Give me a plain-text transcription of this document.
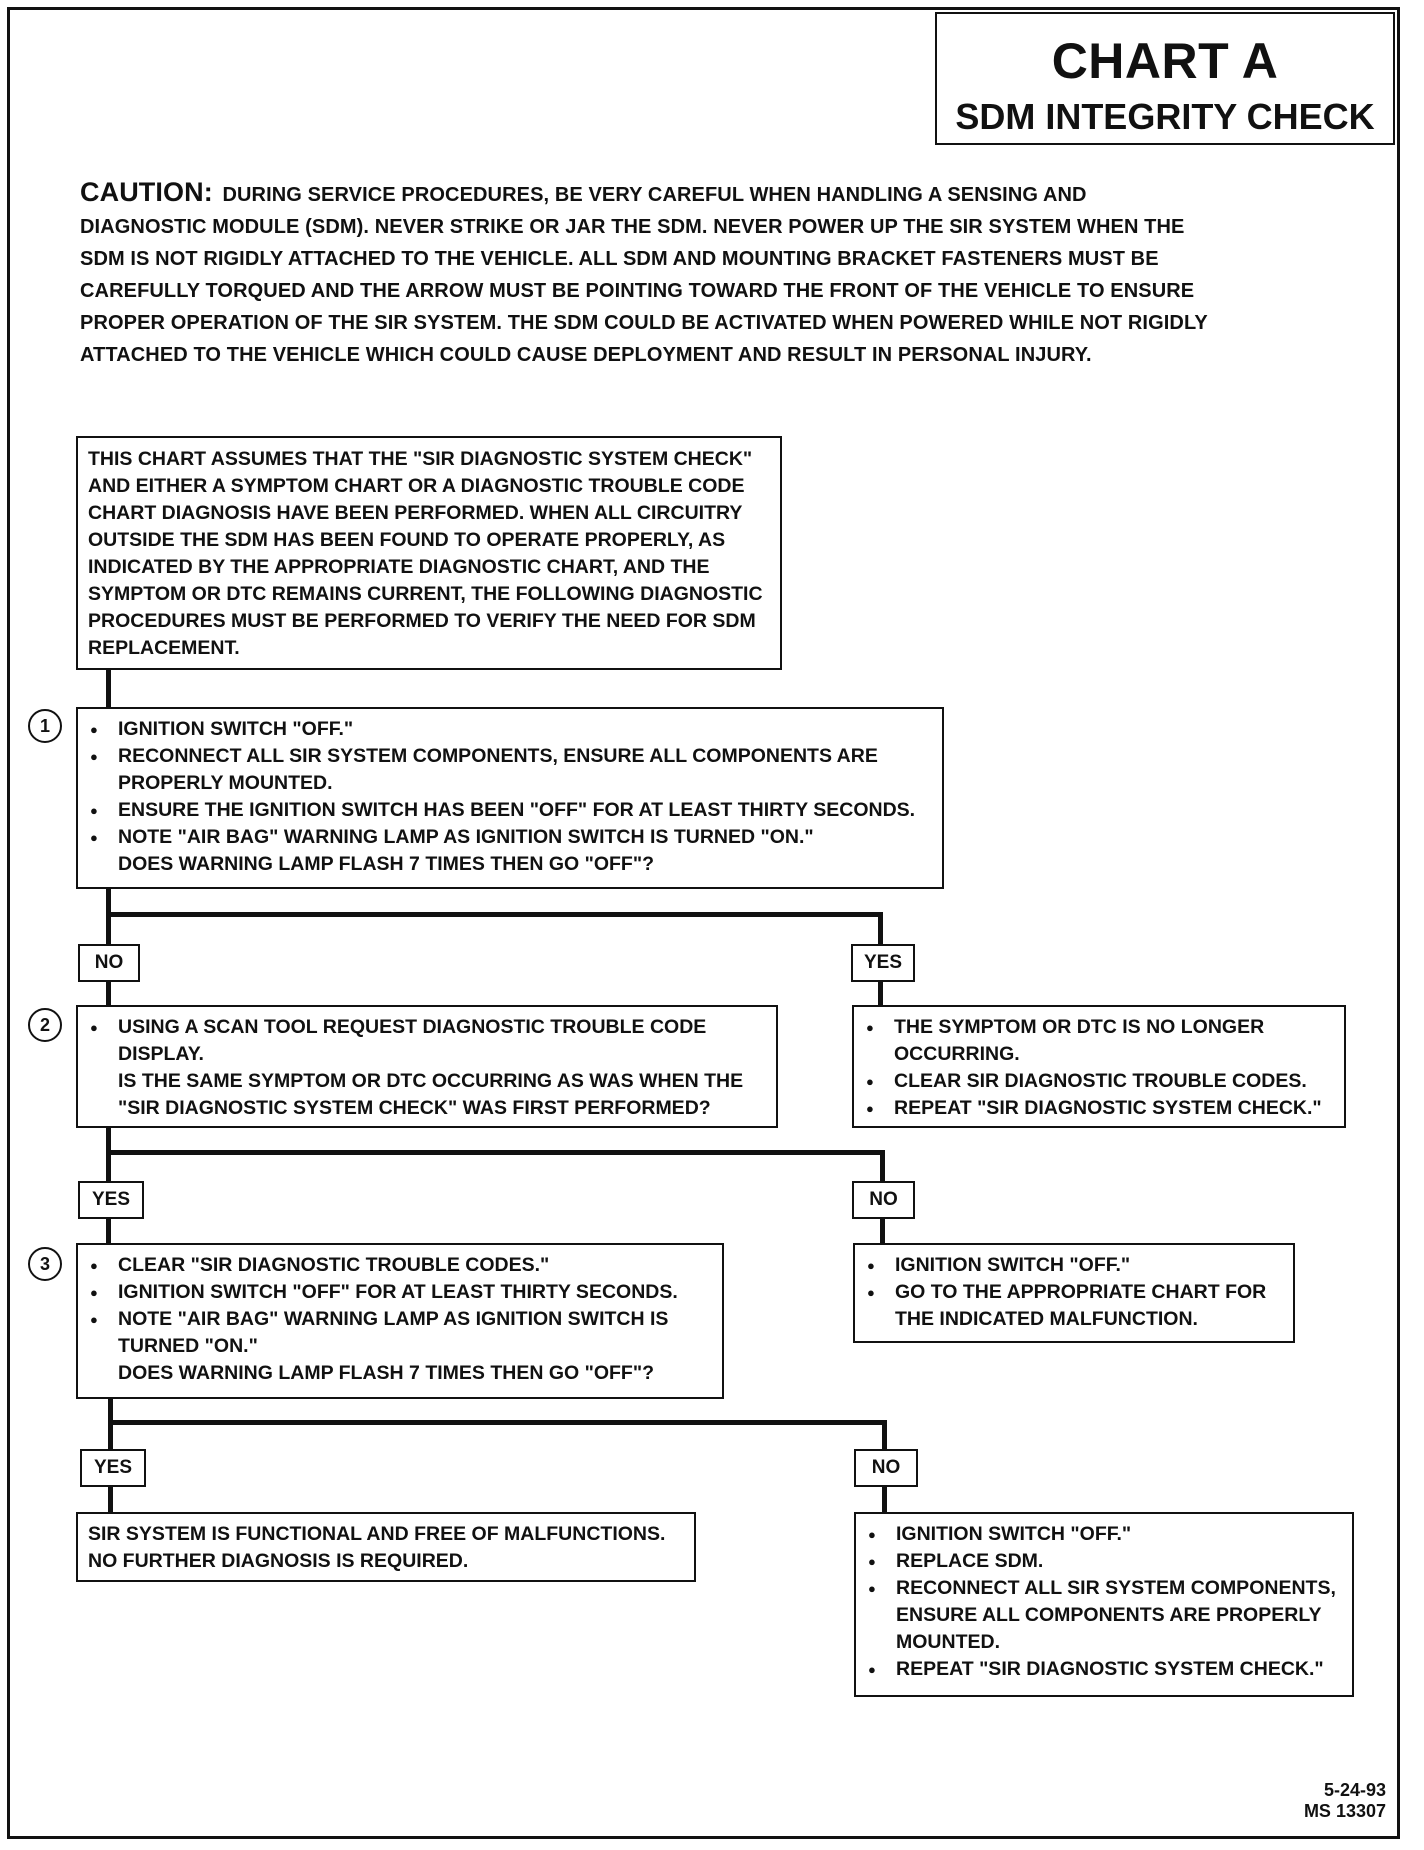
CHART A
SDM INTEGRITY CHECK
CAUTION: DURING SERVICE PROCEDURES, BE VERY CAREFUL WHEN HANDLING A SENSING AND DIAGNOSTIC MODULE (SDM). NEVER STRIKE OR JAR THE SDM. NEVER POWER UP THE SIR SYSTEM WHEN THE SDM IS NOT RIGIDLY ATTACHED TO THE VEHICLE. ALL SDM AND MOUNTING BRACKET FASTENERS MUST BE CAREFULLY TORQUED AND THE ARROW MUST BE POINTING TOWARD THE FRONT OF THE VEHICLE TO ENSURE PROPER OPERATION OF THE SIR SYSTEM. THE SDM COULD BE ACTIVATED WHEN POWERED WHILE NOT RIGIDLY ATTACHED TO THE VEHICLE WHICH COULD CAUSE DEPLOYMENT AND RESULT IN PERSONAL INJURY.
THIS CHART ASSUMES THAT THE "SIR DIAGNOSTIC SYSTEM CHECK" AND EITHER A SYMPTOM CHART OR A DIAGNOSTIC TROUBLE CODE CHART DIAGNOSIS HAVE BEEN PERFORMED. WHEN ALL CIRCUITRY OUTSIDE THE SDM HAS BEEN FOUND TO OPERATE PROPERLY, AS INDICATED BY THE APPROPRIATE DIAGNOSTIC CHART, AND THE SYMPTOM OR DTC REMAINS CURRENT, THE FOLLOWING DIAGNOSTIC PROCEDURES MUST BE PERFORMED TO VERIFY THE NEED FOR SDM REPLACEMENT.
1	● IGNITION SWITCH "OFF."
● RECONNECT ALL SIR SYSTEM COMPONENTS, ENSURE ALL COMPONENTS ARE PROPERLY MOUNTED.
● ENSURE THE IGNITION SWITCH HAS BEEN "OFF" FOR AT LEAST THIRTY SECONDS.
● NOTE "AIR BAG" WARNING LAMP AS IGNITION SWITCH IS TURNED "ON."
DOES WARNING LAMP FLASH 7 TIMES THEN GO "OFF"?
NO	YES
2	● USING A SCAN TOOL REQUEST DIAGNOSTIC TROUBLE CODE DISPLAY.
IS THE SAME SYMPTOM OR DTC OCCURRING AS WAS WHEN THE "SIR DIAGNOSTIC SYSTEM CHECK" WAS FIRST PERFORMED?
● THE SYMPTOM OR DTC IS NO LONGER OCCURRING.
● CLEAR SIR DIAGNOSTIC TROUBLE CODES.
● REPEAT "SIR DIAGNOSTIC SYSTEM CHECK."
YES	NO
3	● CLEAR "SIR DIAGNOSTIC TROUBLE CODES."
● IGNITION SWITCH "OFF" FOR AT LEAST THIRTY SECONDS.
● NOTE "AIR BAG" WARNING LAMP AS IGNITION SWITCH IS TURNED "ON."
DOES WARNING LAMP FLASH 7 TIMES THEN GO "OFF"?
● IGNITION SWITCH "OFF."
● GO TO THE APPROPRIATE CHART FOR THE INDICATED MALFUNCTION.
YES	NO
SIR SYSTEM IS FUNCTIONAL AND FREE OF MALFUNCTIONS. NO FURTHER DIAGNOSIS IS REQUIRED.
● IGNITION SWITCH "OFF."
● REPLACE SDM.
● RECONNECT ALL SIR SYSTEM COMPONENTS, ENSURE ALL COMPONENTS ARE PROPERLY MOUNTED.
● REPEAT "SIR DIAGNOSTIC SYSTEM CHECK."
5-24-93
MS 13307
